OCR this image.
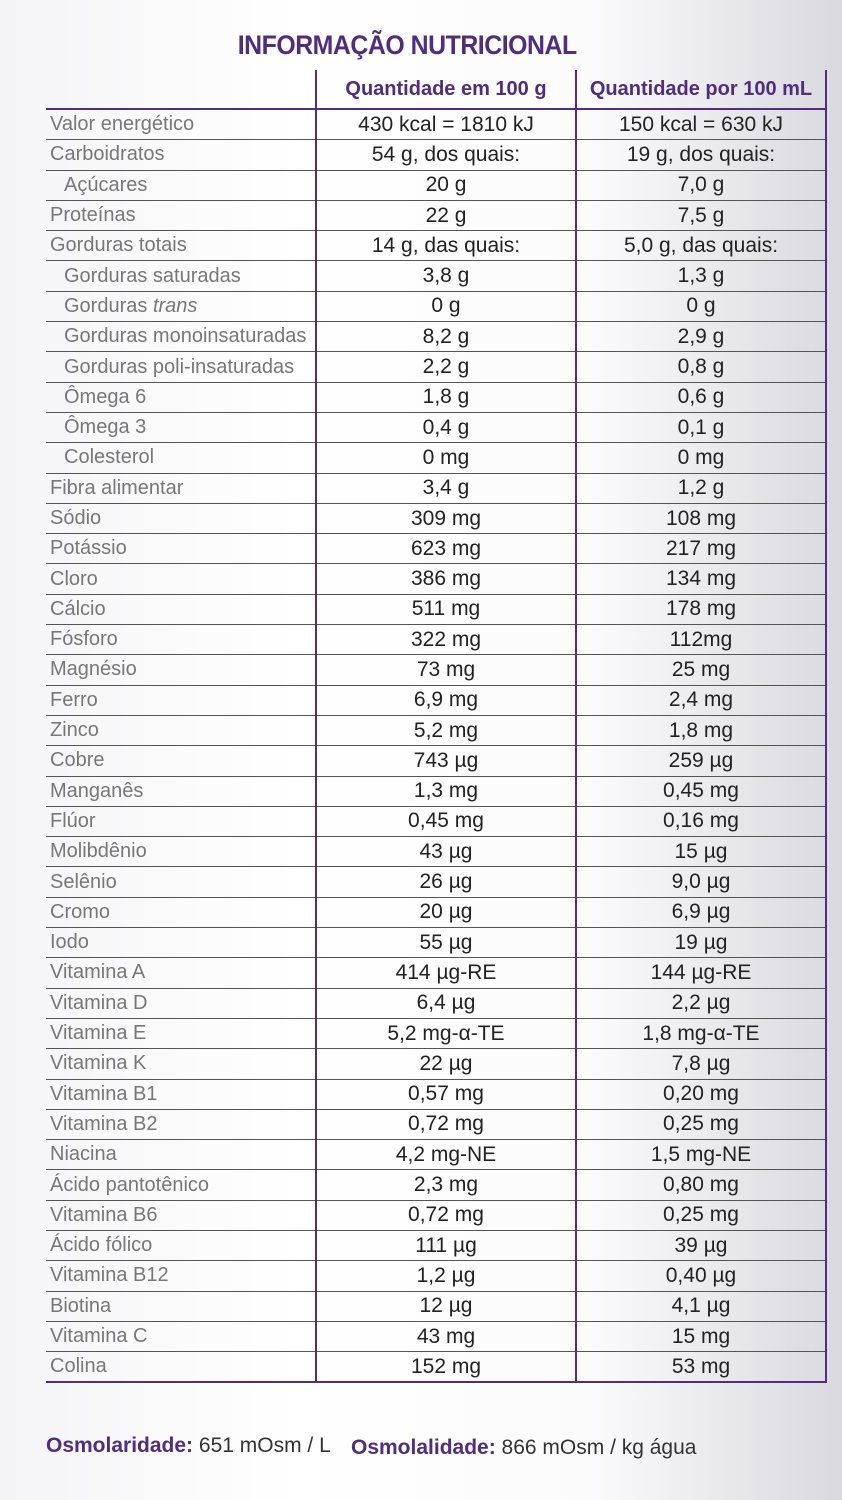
INFORMAÇÃO NUTRICIONAL
	Quantidade em 100 g	Quantidade por 100 mL
Valor energético	430 kcal = 1810 kJ	150 kcal = 630 kJ
Carboidratos	54 g, dos quais:	19 g, dos quais:
Açúcares	20 g	7,0 g
Proteínas	22 g	7,5 g
Gorduras totais	14 g, das quais:	5,0 g, das quais:
Gorduras saturadas	3,8 g	1,3 g
Gorduras trans	0 g	0 g
Gorduras monoinsaturadas	8,2 g	2,9 g
Gorduras poli-insaturadas	2,2 g	0,8 g
Ômega 6	1,8 g	0,6 g
Ômega 3	0,4 g	0,1 g
Colesterol	0 mg	0 mg
Fibra alimentar	3,4 g	1,2 g
Sódio	309 mg	108 mg
Potássio	623 mg	217 mg
Cloro	386 mg	134 mg
Cálcio	511 mg	178 mg
Fósforo	322 mg	112mg
Magnésio	73 mg	25 mg
Ferro	6,9 mg	2,4 mg
Zinco	5,2 mg	1,8 mg
Cobre	743 µg	259 µg
Manganês	1,3 mg	0,45 mg
Flúor	0,45 mg	0,16 mg
Molibdênio	43 µg	15 µg
Selênio	26 µg	9,0 µg
Cromo	20 µg	6,9 µg
Iodo	55 µg	19 µg
Vitamina A	414 µg-RE	144 µg-RE
Vitamina D	6,4 µg	2,2 µg
Vitamina E	5,2 mg-α-TE	1,8 mg-α-TE
Vitamina K	22 µg	7,8 µg
Vitamina B1	0,57 mg	0,20 mg
Vitamina B2	0,72 mg	0,25 mg
Niacina	4,2 mg-NE	1,5 mg-NE
Ácido pantotênico	2,3 mg	0,80 mg
Vitamina B6	0,72 mg	0,25 mg
Ácido fólico	111 µg	39 µg
Vitamina B12	1,2 µg	0,40 µg
Biotina	12 µg	4,1 µg
Vitamina C	43 mg	15 mg
Colina	152 mg	53 mg
Osmolaridade: 651 mOsm / L Osmolalidade: 866 mOsm / kg água
